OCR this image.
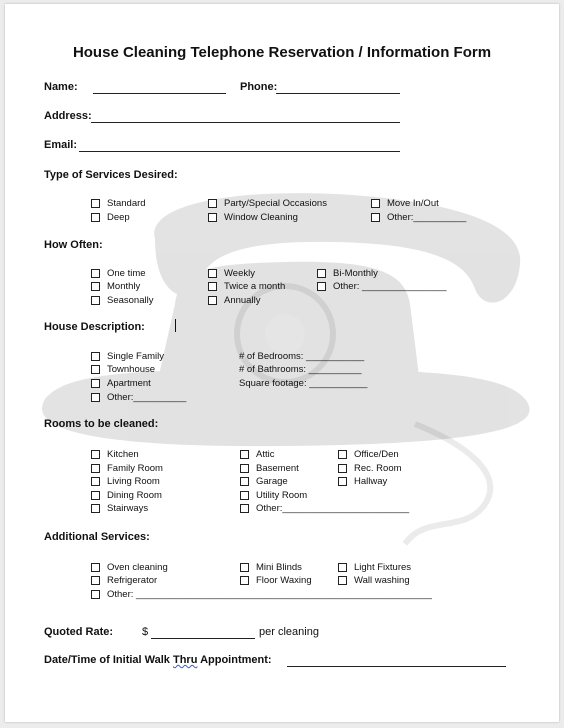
House Cleaning Telephone Reservation / Information Form
Name:	Phone:
Address:
Email:
Type of Services Desired:
Standard
Deep
Party/Special Occasions
Window Cleaning
Move In/Out
Other:__________
How Often:
One time
Monthly
Seasonally
Weekly
Twice a month
Annually
Bi-Monthly
Other: ________________
House Description:
Single Family
Townhouse
Apartment
Other:__________
# of Bedrooms: ___________
# of Bathrooms: __________
Square footage: ___________
Rooms to be cleaned:
Kitchen
Family Room
Living Room
Dining Room
Stairways
Attic
Basement
Garage
Utility Room
Other:________________________
Office/Den
Rec. Room
Hallway
Additional Services:
Oven cleaning
Refrigerator
Other: ________________________________________________________
Mini Blinds
Floor Waxing
Light Fixtures
Wall washing
Quoted Rate:	$	per cleaning
Date/Time of Initial Walk Thru Appointment:
